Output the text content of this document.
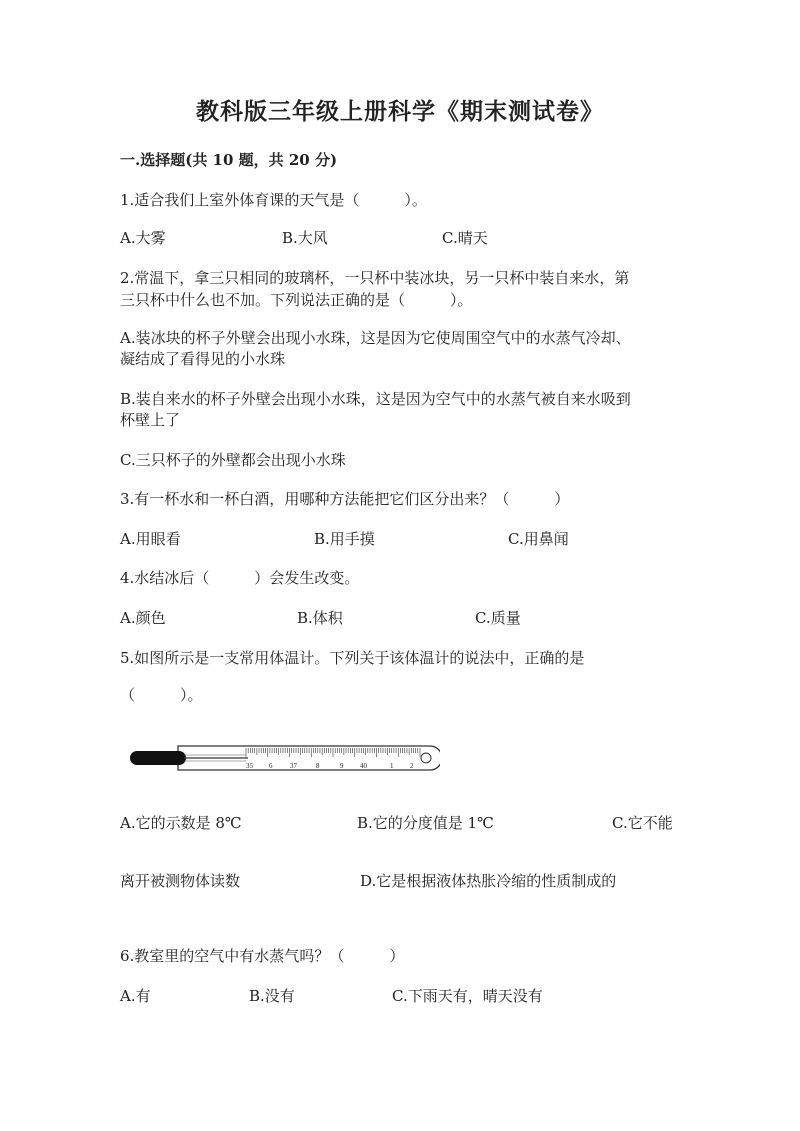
教科版三年级上册科学《期末测试卷》
一.选择题(共 10 题，共 20 分)
1.适合我们上室外体育课的天气是（　　　）。
A.大雾	B.大风	C.晴天
2.常温下，拿三只相同的玻璃杯，一只杯中装冰块，另一只杯中装自来水，第
三只杯中什么也不加。下列说法正确的是（　　　）。
A.装冰块的杯子外壁会出现小水珠，这是因为它使周围空气中的水蒸气冷却、
凝结成了看得见的小水珠
B.装自来水的杯子外壁会出现小水珠，这是因为空气中的水蒸气被自来水吸到
杯壁上了
C.三只杯子的外壁都会出现小水珠
3.有一杯水和一杯白酒，用哪种方法能把它们区分出来？（　　　）
A.用眼看	B.用手摸	C.用鼻闻
4.水结冰后（　　　）会发生改变。
A.颜色	B.体积	C.质量
5.如图所示是一支常用体温计。下列关于该体温计的说法中，正确的是
（　　　）。
35 6	37	8	9 40	1 2
A.它的示数是 8℃	B.它的分度值是 1℃	C.它不能
离开被测物体读数	D.它是根据液体热胀冷缩的性质制成的
6.教室里的空气中有水蒸气吗？（　　　）
A.有	B.没有	C.下雨天有，晴天没有
